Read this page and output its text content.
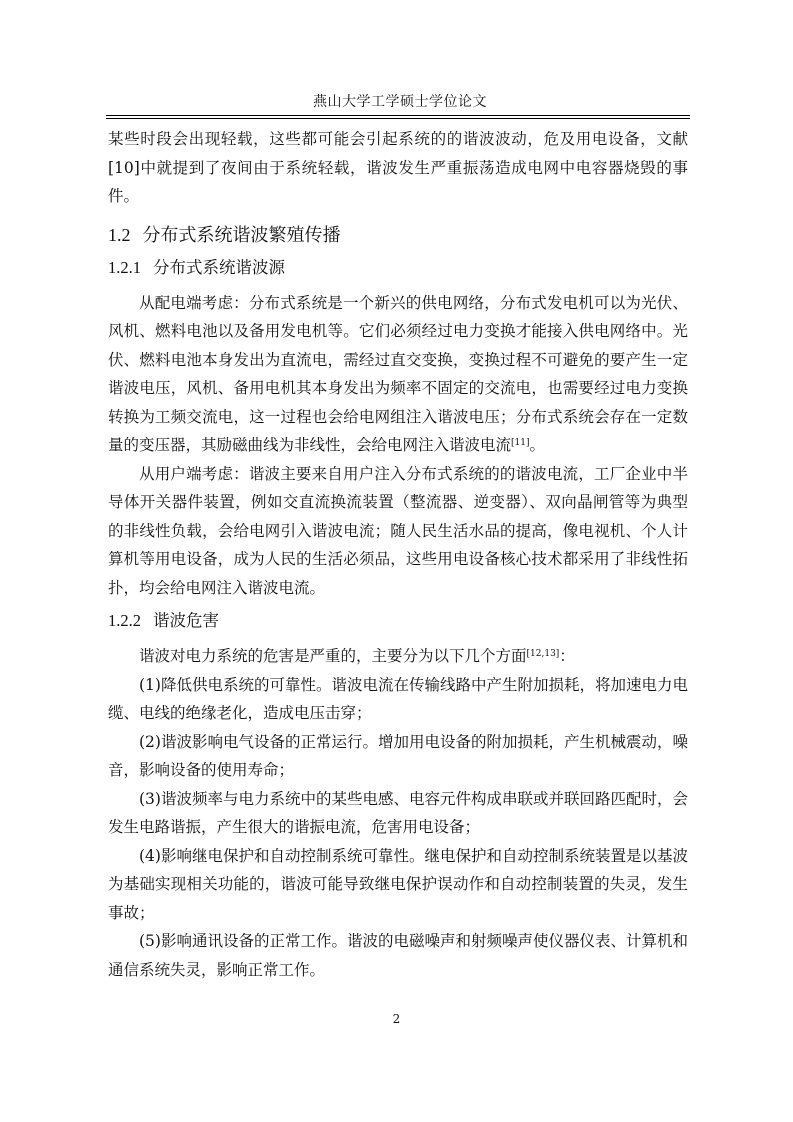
燕山大学工学硕士学位论文

某些时段会出现轻载，这些都可能会引起系统的的谐波波动，危及用电设备，文献[10]中就提到了夜间由于系统轻载，谐波发生严重振荡造成电网中电容器烧毁的事件。

1.2 分布式系统谐波繁殖传播
1.2.1 分布式系统谐波源

从配电端考虑：分布式系统是一个新兴的供电网络，分布式发电机可以为光伏、风机、燃料电池以及备用发电机等。它们必须经过电力变换才能接入供电网络中。光伏、燃料电池本身发出为直流电，需经过直交变换，变换过程不可避免的要产生一定谐波电压，风机、备用电机其本身发出为频率不固定的交流电，也需要经过电力变换转换为工频交流电，这一过程也会给电网组注入谐波电压；分布式系统会存在一定数量的变压器，其励磁曲线为非线性，会给电网注入谐波电流[11]。

从用户端考虑：谐波主要来自用户注入分布式系统的的谐波电流，工厂企业中半导体开关器件装置，例如交直流换流装置（整流器、逆变器）、双向晶闸管等为典型的非线性负载，会给电网引入谐波电流；随人民生活水品的提高，像电视机、个人计算机等用电设备，成为人民的生活必须品，这些用电设备核心技术都采用了非线性拓扑，均会给电网注入谐波电流。

1.2.2 谐波危害

谐波对电力系统的危害是严重的，主要分为以下几个方面[12,13]：

(1)降低供电系统的可靠性。谐波电流在传输线路中产生附加损耗，将加速电力电缆、电线的绝缘老化，造成电压击穿；

(2)谐波影响电气设备的正常运行。增加用电设备的附加损耗，产生机械震动，噪音，影响设备的使用寿命；

(3)谐波频率与电力系统中的某些电感、电容元件构成串联或并联回路匹配时，会发生电路谐振，产生很大的谐振电流，危害用电设备；

(4)影响继电保护和自动控制系统可靠性。继电保护和自动控制系统装置是以基波为基础实现相关功能的，谐波可能导致继电保护误动作和自动控制装置的失灵，发生事故；

(5)影响通讯设备的正常工作。谐波的电磁噪声和射频噪声使仪器仪表、计算机和通信系统失灵，影响正常工作。

2
